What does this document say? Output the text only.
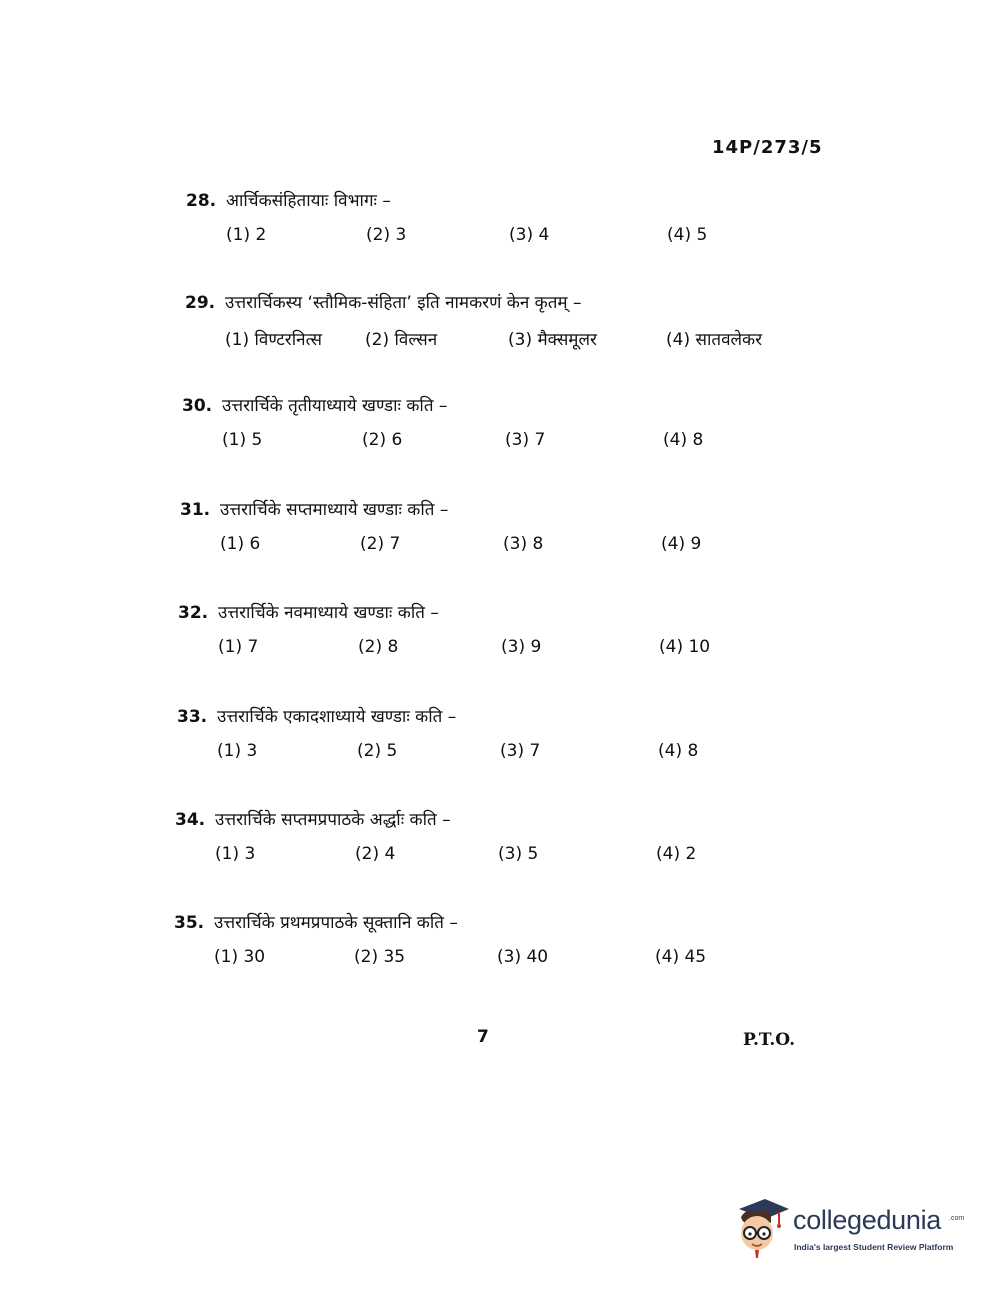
14P/273/5
28. आर्चिकसंहितायाः विभागः –
(1) 2	(2) 3	(3) 4	(4) 5
29. उत्तरार्चिकस्य ‘स्तौमिक-संहिता’ इति नामकरणं केन कृतम् –
(1) विण्टरनित्स	(2) विल्सन	(3) मैक्समूलर	(4) सातवलेकर
30. उत्तरार्चिके तृतीयाध्याये खण्डाः कति –
(1) 5	(2) 6	(3) 7	(4) 8
31. उत्तरार्चिके सप्तमाध्याये खण्डाः कति –
(1) 6	(2) 7	(3) 8	(4) 9
32. उत्तरार्चिके नवमाध्याये खण्डाः कति –
(1) 7	(2) 8	(3) 9	(4) 10
33. उत्तरार्चिके एकादशाध्याये खण्डाः कति –
(1) 3	(2) 5	(3) 7	(4) 8
34. उत्तरार्चिके सप्तमप्रपाठके अर्द्धाः कति –
(1) 3	(2) 4	(3) 5	(4) 2
35. उत्तरार्चिके प्रथमप्रपाठके सूक्तानि कति –
(1) 30	(2) 35	(3) 40	(4) 45
7	P.T.O.
collegedunia .com
India's largest Student Review Platform
